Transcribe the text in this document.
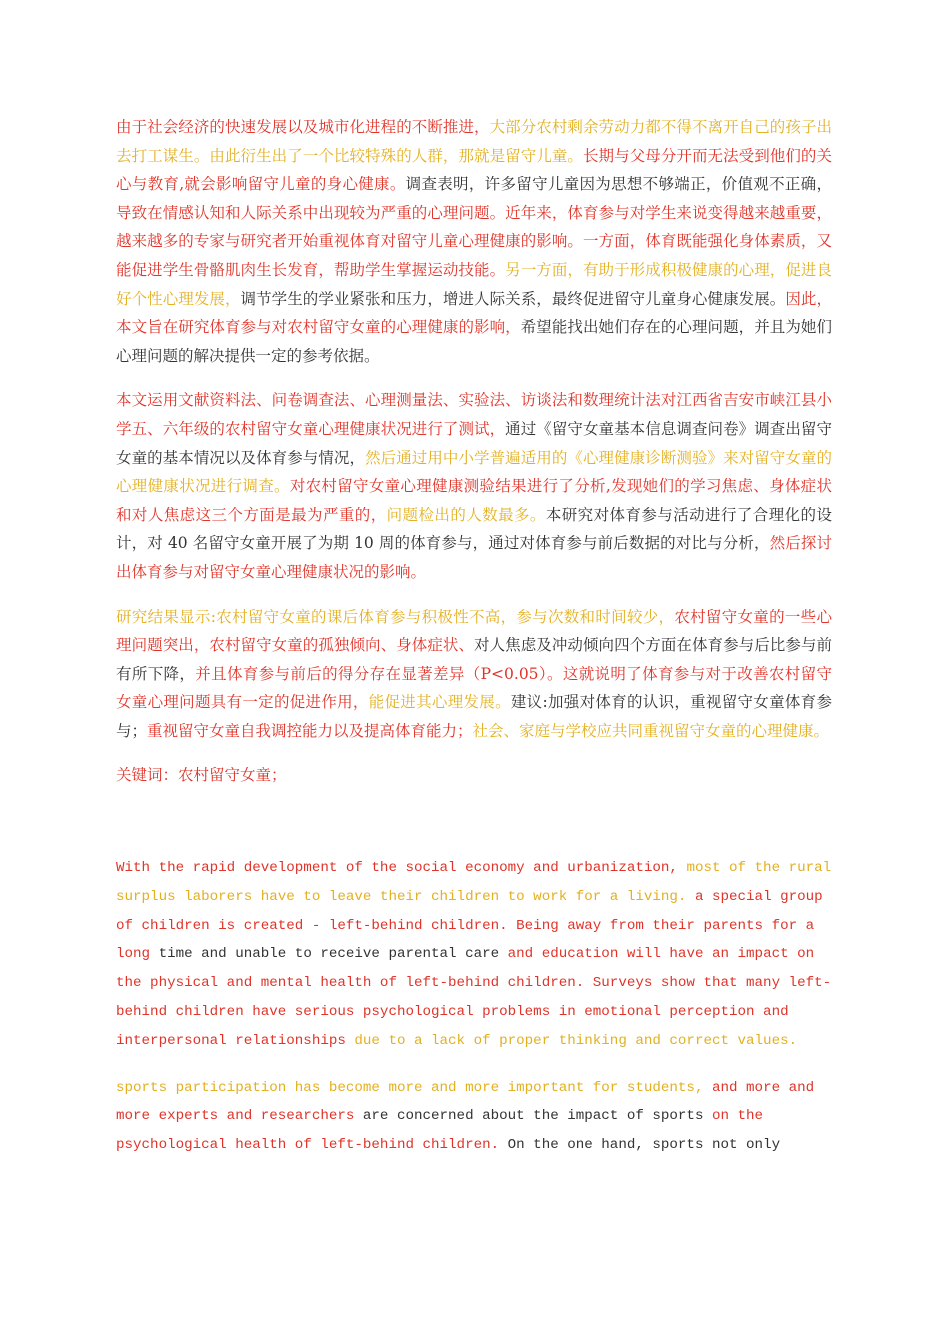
由于社会经济的快速发展以及城市化进程的不断推进，大部分农村剩余劳动力都不得不离开自己的孩子出去打工谋生。由此衍生出了一个比较特殊的人群，那就是留守儿童。长期与父母分开而无法受到他们的关心与教育,就会影响留守儿童的身心健康。调查表明，许多留守儿童因为思想不够端正，价值观不正确，导致在情感认知和人际关系中出现较为严重的心理问题。近年来，体育参与对学生来说变得越来越重要，越来越多的专家与研究者开始重视体育对留守儿童心理健康的影响。一方面，体育既能强化身体素质，又能促进学生骨骼肌肉生长发育，帮助学生掌握运动技能。另一方面，有助于形成积极健康的心理，促进良好个性心理发展，调节学生的学业紧张和压力，增进人际关系，最终促进留守儿童身心健康发展。因此，本文旨在研究体育参与对农村留守女童的心理健康的影响，希望能找出她们存在的心理问题，并且为她们心理问题的解决提供一定的参考依据。

本文运用文献资料法、问卷调查法、心理测量法、实验法、访谈法和数理统计法对江西省吉安市峡江县小学五、六年级的农村留守女童心理健康状况进行了测试，通过《留守女童基本信息调查问卷》调查出留守女童的基本情况以及体育参与情况，然后通过用中小学普遍适用的《心理健康诊断测验》来对留守女童的心理健康状况进行调查。对农村留守女童心理健康测验结果进行了分析,发现她们的学习焦虑、身体症状和对人焦虑这三个方面是最为严重的，问题检出的人数最多。本研究对体育参与活动进行了合理化的设计，对 40 名留守女童开展了为期 10 周的体育参与，通过对体育参与前后数据的对比与分析，然后探讨出体育参与对留守女童心理健康状况的影响。

研究结果显示:农村留守女童的课后体育参与积极性不高，参与次数和时间较少，农村留守女童的一些心理问题突出，农村留守女童的孤独倾向、身体症状、对人焦虑及冲动倾向四个方面在体育参与后比参与前有所下降，并且体育参与前后的得分存在显著差异（P<0.05）。这就说明了体育参与对于改善农村留守女童心理问题具有一定的促进作用，能促进其心理发展。建议:加强对体育的认识，重视留守女童体育参与；重视留守女童自我调控能力以及提高体育能力；社会、家庭与学校应共同重视留守女童的心理健康。

关键词：农村留守女童；

With the rapid development of the social economy and urbanization, most of the rural surplus laborers have to leave their children to work for a living. a special group of children is created - left-behind children. Being away from their parents for a long time and unable to receive parental care and education will have an impact on the physical and mental health of left-behind children. Surveys show that many left-behind children have serious psychological problems in emotional perception and interpersonal relationships due to a lack of proper thinking and correct values.

sports participation has become more and more important for students, and more and more experts and researchers are concerned about the impact of sports on the psychological health of left-behind children. On the one hand, sports not only
